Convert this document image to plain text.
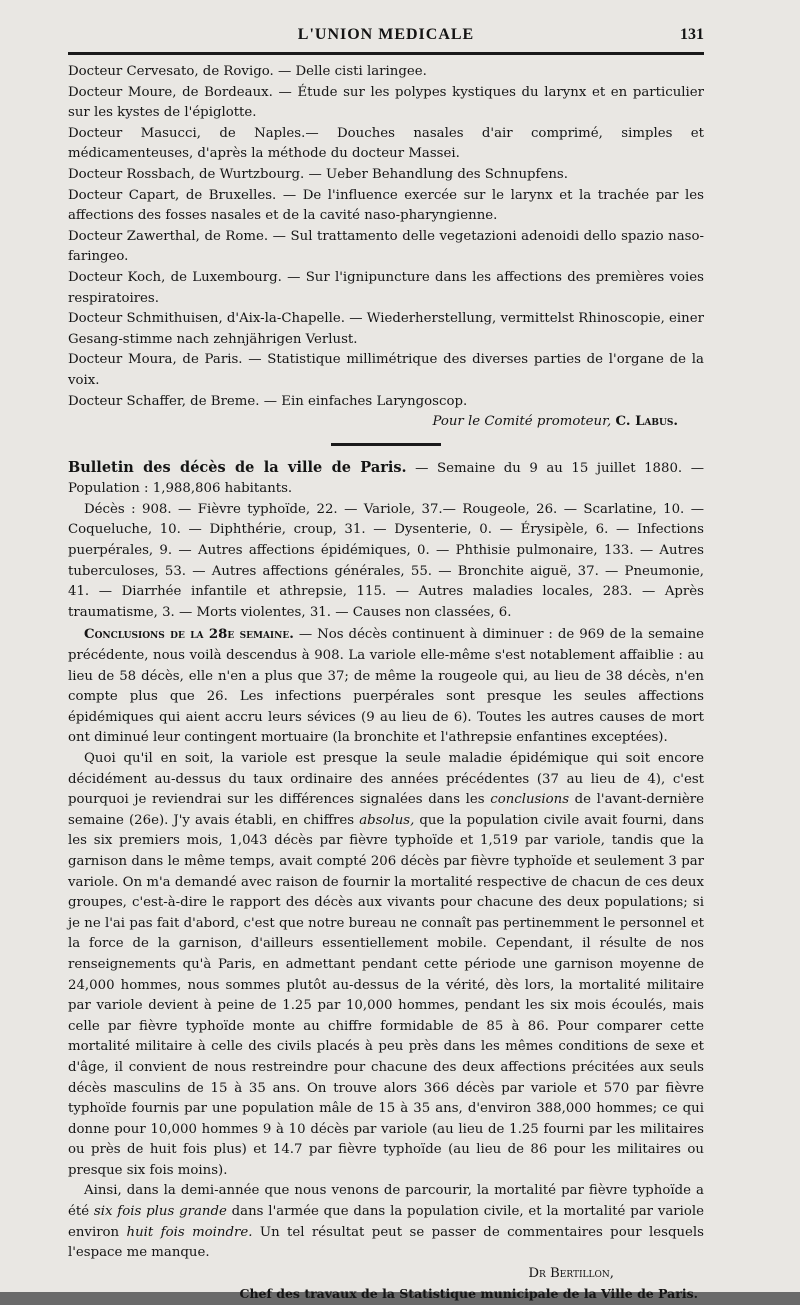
L'UNION MEDICALE	131

Docteur Cervesato, de Rovigo. — Delle cisti laringee.

Docteur Moure, de Bordeaux. — Étude sur les polypes kystiques du larynx et en particulier sur les kystes de l'épiglotte.

Docteur Masucci, de Naples.— Douches nasales d'air comprimé, simples et médicamenteuses, d'après la méthode du docteur Massei.

Docteur Rossbach, de Wurtzbourg. — Ueber Behandlung des Schnupfens.

Docteur Capart, de Bruxelles. — De l'influence exercée sur le larynx et la trachée par les affections des fosses nasales et de la cavité naso-pharyngienne.

Docteur Zawerthal, de Rome. — Sul trattamento delle vegetazioni adenoidi dello spazio naso-faringeo.

Docteur Koch, de Luxembourg. — Sur l'ignipuncture dans les affections des premières voies respiratoires.

Docteur Schmithuisen, d'Aix-la-Chapelle. — Wiederherstellung, vermittelst Rhinoscopie, einer Gesang-stimme nach zehnjährigen Verlust.

Docteur Moura, de Paris. — Statistique millimétrique des diverses parties de l'organe de la voix.

Docteur Schaffer, de Breme. — Ein einfaches Laryngoscop.

Pour le Comité promoteur, C. Labus.

Bulletin des décès de la ville de Paris. — Semaine du 9 au 15 juillet 1880. — Population : 1,988,806 habitants.

Décès : 908. — Fièvre typhoïde, 22. — Variole, 37.— Rougeole, 26. — Scarlatine, 10. — Coqueluche, 10. — Diphthérie, croup, 31. — Dysenterie, 0. — Érysipèle, 6. — Infections puerpérales, 9. — Autres affections épidémiques, 0. — Phthisie pulmonaire, 133. — Autres tuberculoses, 53. — Autres affections générales, 55. — Bronchite aiguë, 37. — Pneumonie, 41. — Diarrhée infantile et athrepsie, 115. — Autres maladies locales, 283. — Après traumatisme, 3. — Morts violentes, 31. — Causes non classées, 6.

Conclusions de la 28e semaine. — Nos décès continuent à diminuer : de 969 de la semaine précédente, nous voilà descendus à 908. La variole elle-même s'est notablement affaiblie : au lieu de 58 décès, elle n'en a plus que 37; de même la rougeole qui, au lieu de 38 décès, n'en compte plus que 26. Les infections puerpérales sont presque les seules affections épidémiques qui aient accru leurs sévices (9 au lieu de 6). Toutes les autres causes de mort ont diminué leur contingent mortuaire (la bronchite et l'athrepsie enfantines exceptées).

Quoi qu'il en soit, la variole est presque la seule maladie épidémique qui soit encore décidément au-dessus du taux ordinaire des années précédentes (37 au lieu de 4), c'est pourquoi je reviendrai sur les différences signalées dans les conclusions de l'avant-dernière semaine (26e). J'y avais établi, en chiffres absolus, que la population civile avait fourni, dans les six premiers mois, 1,043 décès par fièvre typhoïde et 1,519 par variole, tandis que la garnison dans le même temps, avait compté 206 décès par fièvre typhoïde et seulement 3 par variole. On m'a demandé avec raison de fournir la mortalité respective de chacun de ces deux groupes, c'est-à-dire le rapport des décès aux vivants pour chacune des deux populations; si je ne l'ai pas fait d'abord, c'est que notre bureau ne connaît pas pertinemment le personnel et la force de la garnison, d'ailleurs essentiellement mobile. Cependant, il résulte de nos renseignements qu'à Paris, en admettant pendant cette période une garnison moyenne de 24,000 hommes, nous sommes plutôt au-dessus de la vérité, dès lors, la mortalité militaire par variole devient à peine de 1.25 par 10,000 hommes, pendant les six mois écoulés, mais celle par fièvre typhoïde monte au chiffre formidable de 85 à 86. Pour comparer cette mortalité militaire à celle des civils placés à peu près dans les mêmes conditions de sexe et d'âge, il convient de nous restreindre pour chacune des deux affections précitées aux seuls décès masculins de 15 à 35 ans. On trouve alors 366 décès par variole et 570 par fièvre typhoïde fournis par une population mâle de 15 à 35 ans, d'environ 388,000 hommes; ce qui donne pour 10,000 hommes 9 à 10 décès par variole (au lieu de 1.25 fourni par les militaires ou près de huit fois plus) et 14.7 par fièvre typhoïde (au lieu de 86 pour les militaires ou presque six fois moins).

Ainsi, dans la demi-année que nous venons de parcourir, la mortalité par fièvre typhoïde a été six fois plus grande dans l'armée que dans la population civile, et la mortalité par variole environ huit fois moindre. Un tel résultat peut se passer de commentaires pour lesquels l'espace me manque.

Dr Bertillon,

Chef des travaux de la Statistique municipale de la Ville de Paris.
